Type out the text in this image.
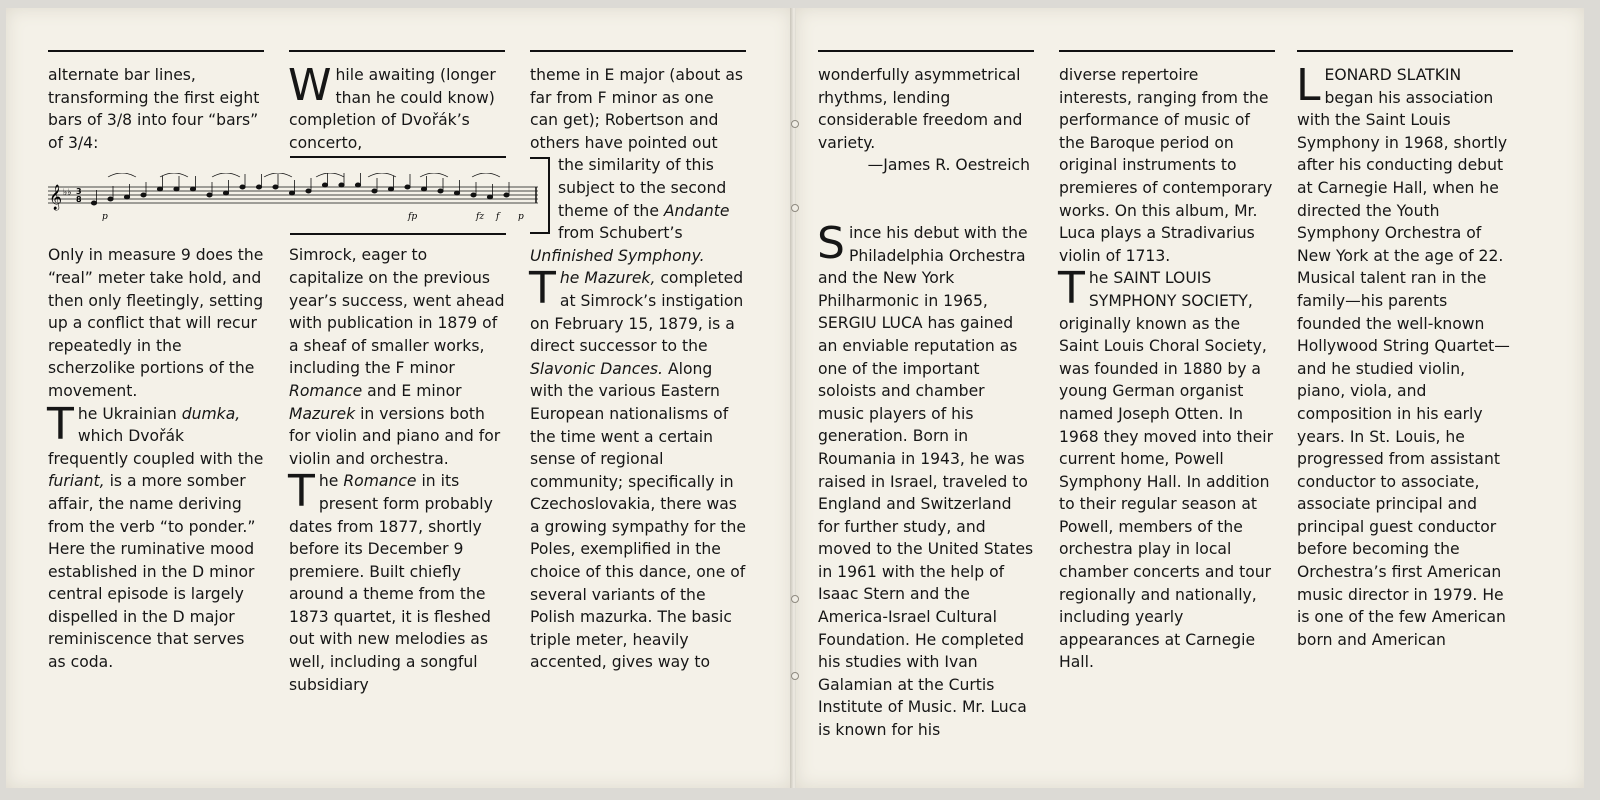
alternate bar lines, transforming the first eight bars of 3/8 into four “bars” of 3/4:

Only in measure 9 does the “real” meter take hold, and then only fleetingly, setting up a conflict that will recur repeatedly in the scherzolike portions of the movement.

The Ukrainian dumka, which Dvořák frequently coupled with the furiant, is a more somber affair, the name deriving from the verb “to ponder.” Here the ruminative mood established in the D minor central episode is largely dispelled in the D major reminiscence that serves as coda.

While awaiting (longer than he could know) completion of Dvořák’s concerto,

Simrock, eager to capitalize on the previous year’s success, went ahead with publication in 1879 of a sheaf of smaller works, including the F minor Romance and E minor Mazurek in versions both for violin and piano and for violin and orchestra.

The Romance in its present form probably dates from 1877, shortly before its December 9 premiere. Built chiefly around a theme from the 1873 quartet, it is fleshed out with new melodies as well, including a songful subsidiary

theme in E major (about as far from F minor as one can get); Robertson and others have pointed out

the similarity of this subject to the second theme of the Andante from Schubert’s

Unfinished Symphony.

The Mazurek, completed at Simrock’s instigation on February 15, 1879, is a direct successor to the Slavonic Dances. Along with the various Eastern European nationalisms of the time went a certain sense of regional community; specifically in Czechoslovakia, there was a growing sympathy for the Poles, exemplified in the choice of this dance, one of several variants of the Polish mazurka. The basic triple meter, heavily accented, gives way to

𝄞 ♭♭ 3
8
p	fp	fz f p

wonderfully asymmetrical rhythms, lending considerable freedom and variety.

—James R. Oestreich

Since his debut with the Philadelphia Orchestra and the New York Philharmonic in 1965, SERGIU LUCA has gained an enviable reputation as one of the important soloists and chamber music players of his generation. Born in Roumania in 1943, he was raised in Israel, traveled to England and Switzerland for further study, and moved to the United States in 1961 with the help of Isaac Stern and the America-Israel Cultural Foundation. He completed his studies with Ivan Galamian at the Curtis Institute of Music. Mr. Luca is known for his

diverse repertoire interests, ranging from the performance of music of the Baroque period on original instruments to premieres of contemporary works. On this album, Mr. Luca plays a Stradivarius violin of 1713.

The SAINT LOUIS SYMPHONY SOCIETY, originally known as the Saint Louis Choral Society, was founded in 1880 by a young German organist named Joseph Otten. In 1968 they moved into their current home, Powell Symphony Hall. In addition to their regular season at Powell, members of the orchestra play in local chamber concerts and tour regionally and nationally, including yearly appearances at Carnegie Hall.

LEONARD SLATKIN began his association with the Saint Louis Symphony in 1968, shortly after his conducting debut at Carnegie Hall, when he directed the Youth Symphony Orchestra of New York at the age of 22. Musical talent ran in the family—his parents founded the well-known Hollywood String Quartet—and he studied violin, piano, viola, and composition in his early years. In St. Louis, he progressed from assistant conductor to associate, associate principal and principal guest conductor before becoming the Orchestra’s first American music director in 1979. He is one of the few American born and American
